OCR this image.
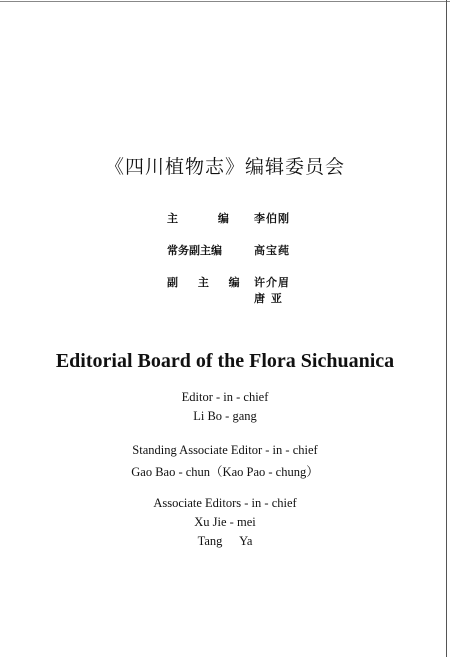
《四川植物志》编辑委员会
主 编 李伯刚
常务副主编	高宝莼
副 主 编 许介眉
唐 亚
Editorial Board of the Flora Sichuanica
Editor - in - chief
Li Bo - gang
Standing Associate Editor - in - chief
Gao Bao - chun（Kao Pao - chung）
Associate Editors - in - chief
Xu Jie - mei
Tang Ya
